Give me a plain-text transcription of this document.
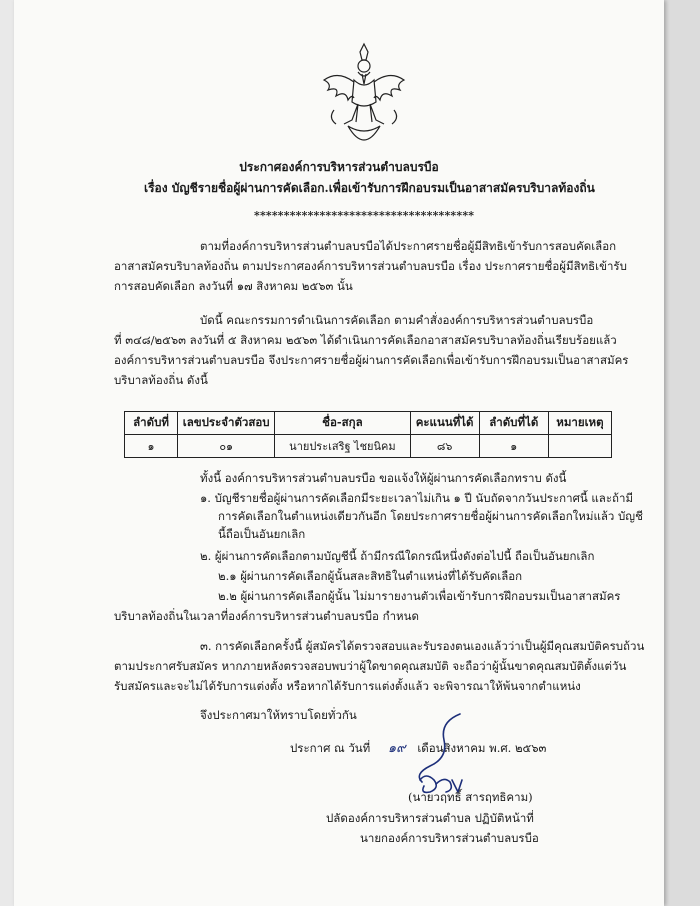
ประกาศองค์การบริหารส่วนตำบลบรบือ
เรื่อง บัญชีรายชื่อผู้ผ่านการคัดเลือก.เพื่อเข้ารับการฝึกอบรมเป็นอาสาสมัครบริบาลท้องถิ่น
*************************************
ตามที่องค์การบริหารส่วนตำบลบรบือได้ประกาศรายชื่อผู้มีสิทธิเข้ารับการสอบคัดเลือก
อาสาสมัครบริบาลท้องถิ่น ตามประกาศองค์การบริหารส่วนตำบลบรบือ เรื่อง ประกาศรายชื่อผู้มีสิทธิเข้ารับ
การสอบคัดเลือก ลงวันที่ ๑๗ สิงหาคม ๒๕๖๓ นั้น
บัดนี้ คณะกรรมการดำเนินการคัดเลือก ตามคำสั่งองค์การบริหารส่วนตำบลบรบือ
ที่ ๓๔๘/๒๕๖๓ ลงวันที่ ๕ สิงหาคม ๒๕๖๓ ได้ดำเนินการคัดเลือกอาสาสมัครบริบาลท้องถิ่นเรียบร้อยแล้ว
องค์การบริหารส่วนตำบลบรบือ จึงประกาศรายชื่อผู้ผ่านการคัดเลือกเพื่อเข้ารับการฝึกอบรมเป็นอาสาสมัคร
บริบาลท้องถิ่น ดังนี้
ลำดับที่	เลขประจำตัวสอบ	ชื่อ-สกุล	คะแนนที่ได้	ลำดับที่ได้	หมายเหตุ
๑	๐๑	นายประเสริฐ ไชยนิคม	๘๖	๑	
ทั้งนี้ องค์การบริหารส่วนตำบลบรบือ ขอแจ้งให้ผู้ผ่านการคัดเลือกทราบ ดังนี้
๑. บัญชีรายชื่อผู้ผ่านการคัดเลือกมีระยะเวลาไม่เกิน ๑ ปี นับถัดจากวันประกาศนี้ และถ้ามี
การคัดเลือกในตำแหน่งเดียวกันอีก โดยประกาศรายชื่อผู้ผ่านการคัดเลือกใหม่แล้ว บัญชี
นี้ถือเป็นอันยกเลิก
๒. ผู้ผ่านการคัดเลือกตามบัญชีนี้ ถ้ามีกรณีใดกรณีหนึ่งดังต่อไปนี้ ถือเป็นอันยกเลิก
๒.๑ ผู้ผ่านการคัดเลือกผู้นั้นสละสิทธิในตำแหน่งที่ได้รับคัดเลือก
๒.๒ ผู้ผ่านการคัดเลือกผู้นั้น ไม่มารายงานตัวเพื่อเข้ารับการฝึกอบรมเป็นอาสาสมัคร
บริบาลท้องถิ่นในเวลาที่องค์การบริหารส่วนตำบลบรบือ กำหนด
๓. การคัดเลือกครั้งนี้ ผู้สมัครได้ตรวจสอบและรับรองตนเองแล้วว่าเป็นผู้มีคุณสมบัติครบถ้วน
ตามประกาศรับสมัคร หากภายหลังตรวจสอบพบว่าผู้ใดขาดคุณสมบัติ จะถือว่าผู้นั้นขาดคุณสมบัติตั้งแต่วัน
รับสมัครและจะไม่ได้รับการแต่งตั้ง หรือหากได้รับการแต่งตั้งแล้ว จะพิจารณาให้พ้นจากตำแหน่ง
จึงประกาศมาให้ทราบโดยทั่วกัน
ประกาศ ณ วันที่ ๑๙ เดือนสิงหาคม พ.ศ. ๒๕๖๓
(นายวฤทธิ์ สารฤทธิคาม)
ปลัดองค์การบริหารส่วนตำบล ปฏิบัติหน้าที่
นายกองค์การบริหารส่วนตำบลบรบือ
